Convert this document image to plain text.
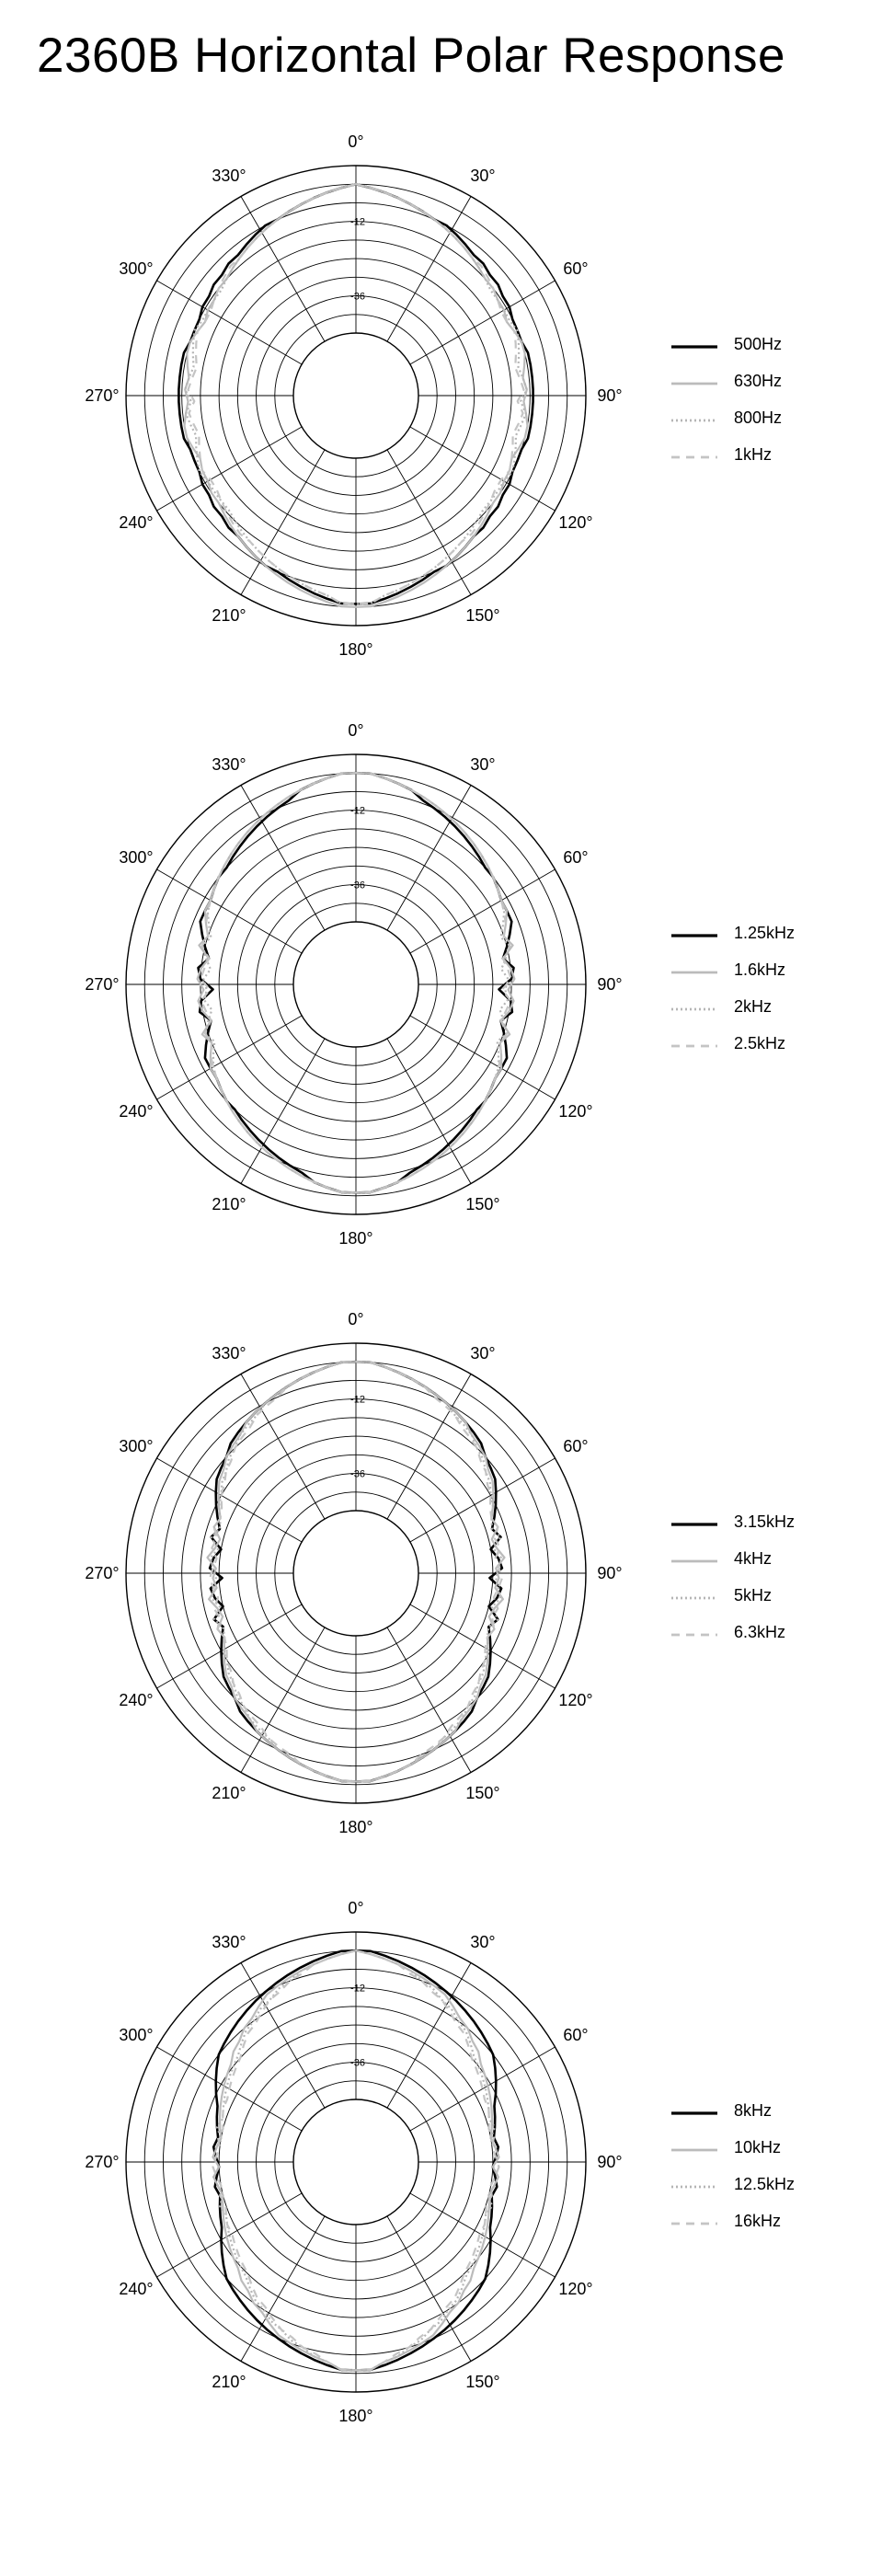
2360B Horizontal Polar Response
0°
30°
60°
90°
120°
150°
180°
210°
240°
270°
300°
330°
-12
-36
500Hz
630Hz
800Hz
1kHz
0°
30°
60°
90°
120°
150°
180°
210°
240°
270°
300°
330°
-12
-36
1.25kHz
1.6kHz
2kHz
2.5kHz
0°
30°
60°
90°
120°
150°
180°
210°
240°
270°
300°
330°
-12
-36
3.15kHz
4kHz
5kHz
6.3kHz
0°
30°
60°
90°
120°
150°
180°
210°
240°
270°
300°
330°
-12
-36
8kHz
10kHz
12.5kHz
16kHz
